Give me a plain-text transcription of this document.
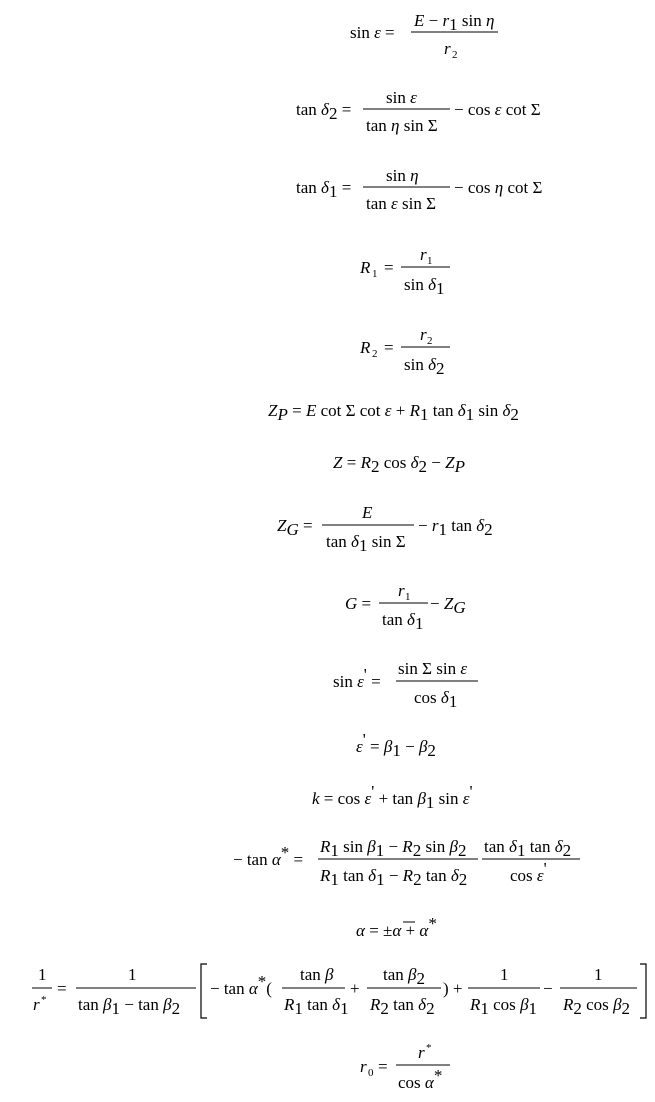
sin ε =
E − r1 sin η
r 2
tan δ2 =
sin ε
tan η sin Σ
− cos ε cot Σ
tan δ1 =
sin η
tan ε sin Σ
− cos η cot Σ
R 1 =
r 1
sin δ1
R 2 =
r 2
sin δ2
ZP = E cot Σ cot ε + R1 tan δ1 sin δ2
Z = R2 cos δ2 − ZP
ZG =
E
tan δ1 sin Σ
− r1 tan δ2
G =
r 1
tan δ1
− ZG
sin ε' =
sin Σ sin ε
cos δ1
ε' = β1 − β2
k = cos ε' + tan β1 sin ε'
− tan α* =
R1 sin β1 − R2 sin β2
R1 tan δ1 − R2 tan δ2
tan δ1 tan δ2
cos ε'
α = ±α + α*
1
r *
=
1
tan β1 − tan β2
− tan α*(
tan β
R1 tan δ1
+
tan β2
R2 tan δ2
) +
1
R1 cos β1
−
1
R2 cos β2
r 0 =
r *
cos α*
